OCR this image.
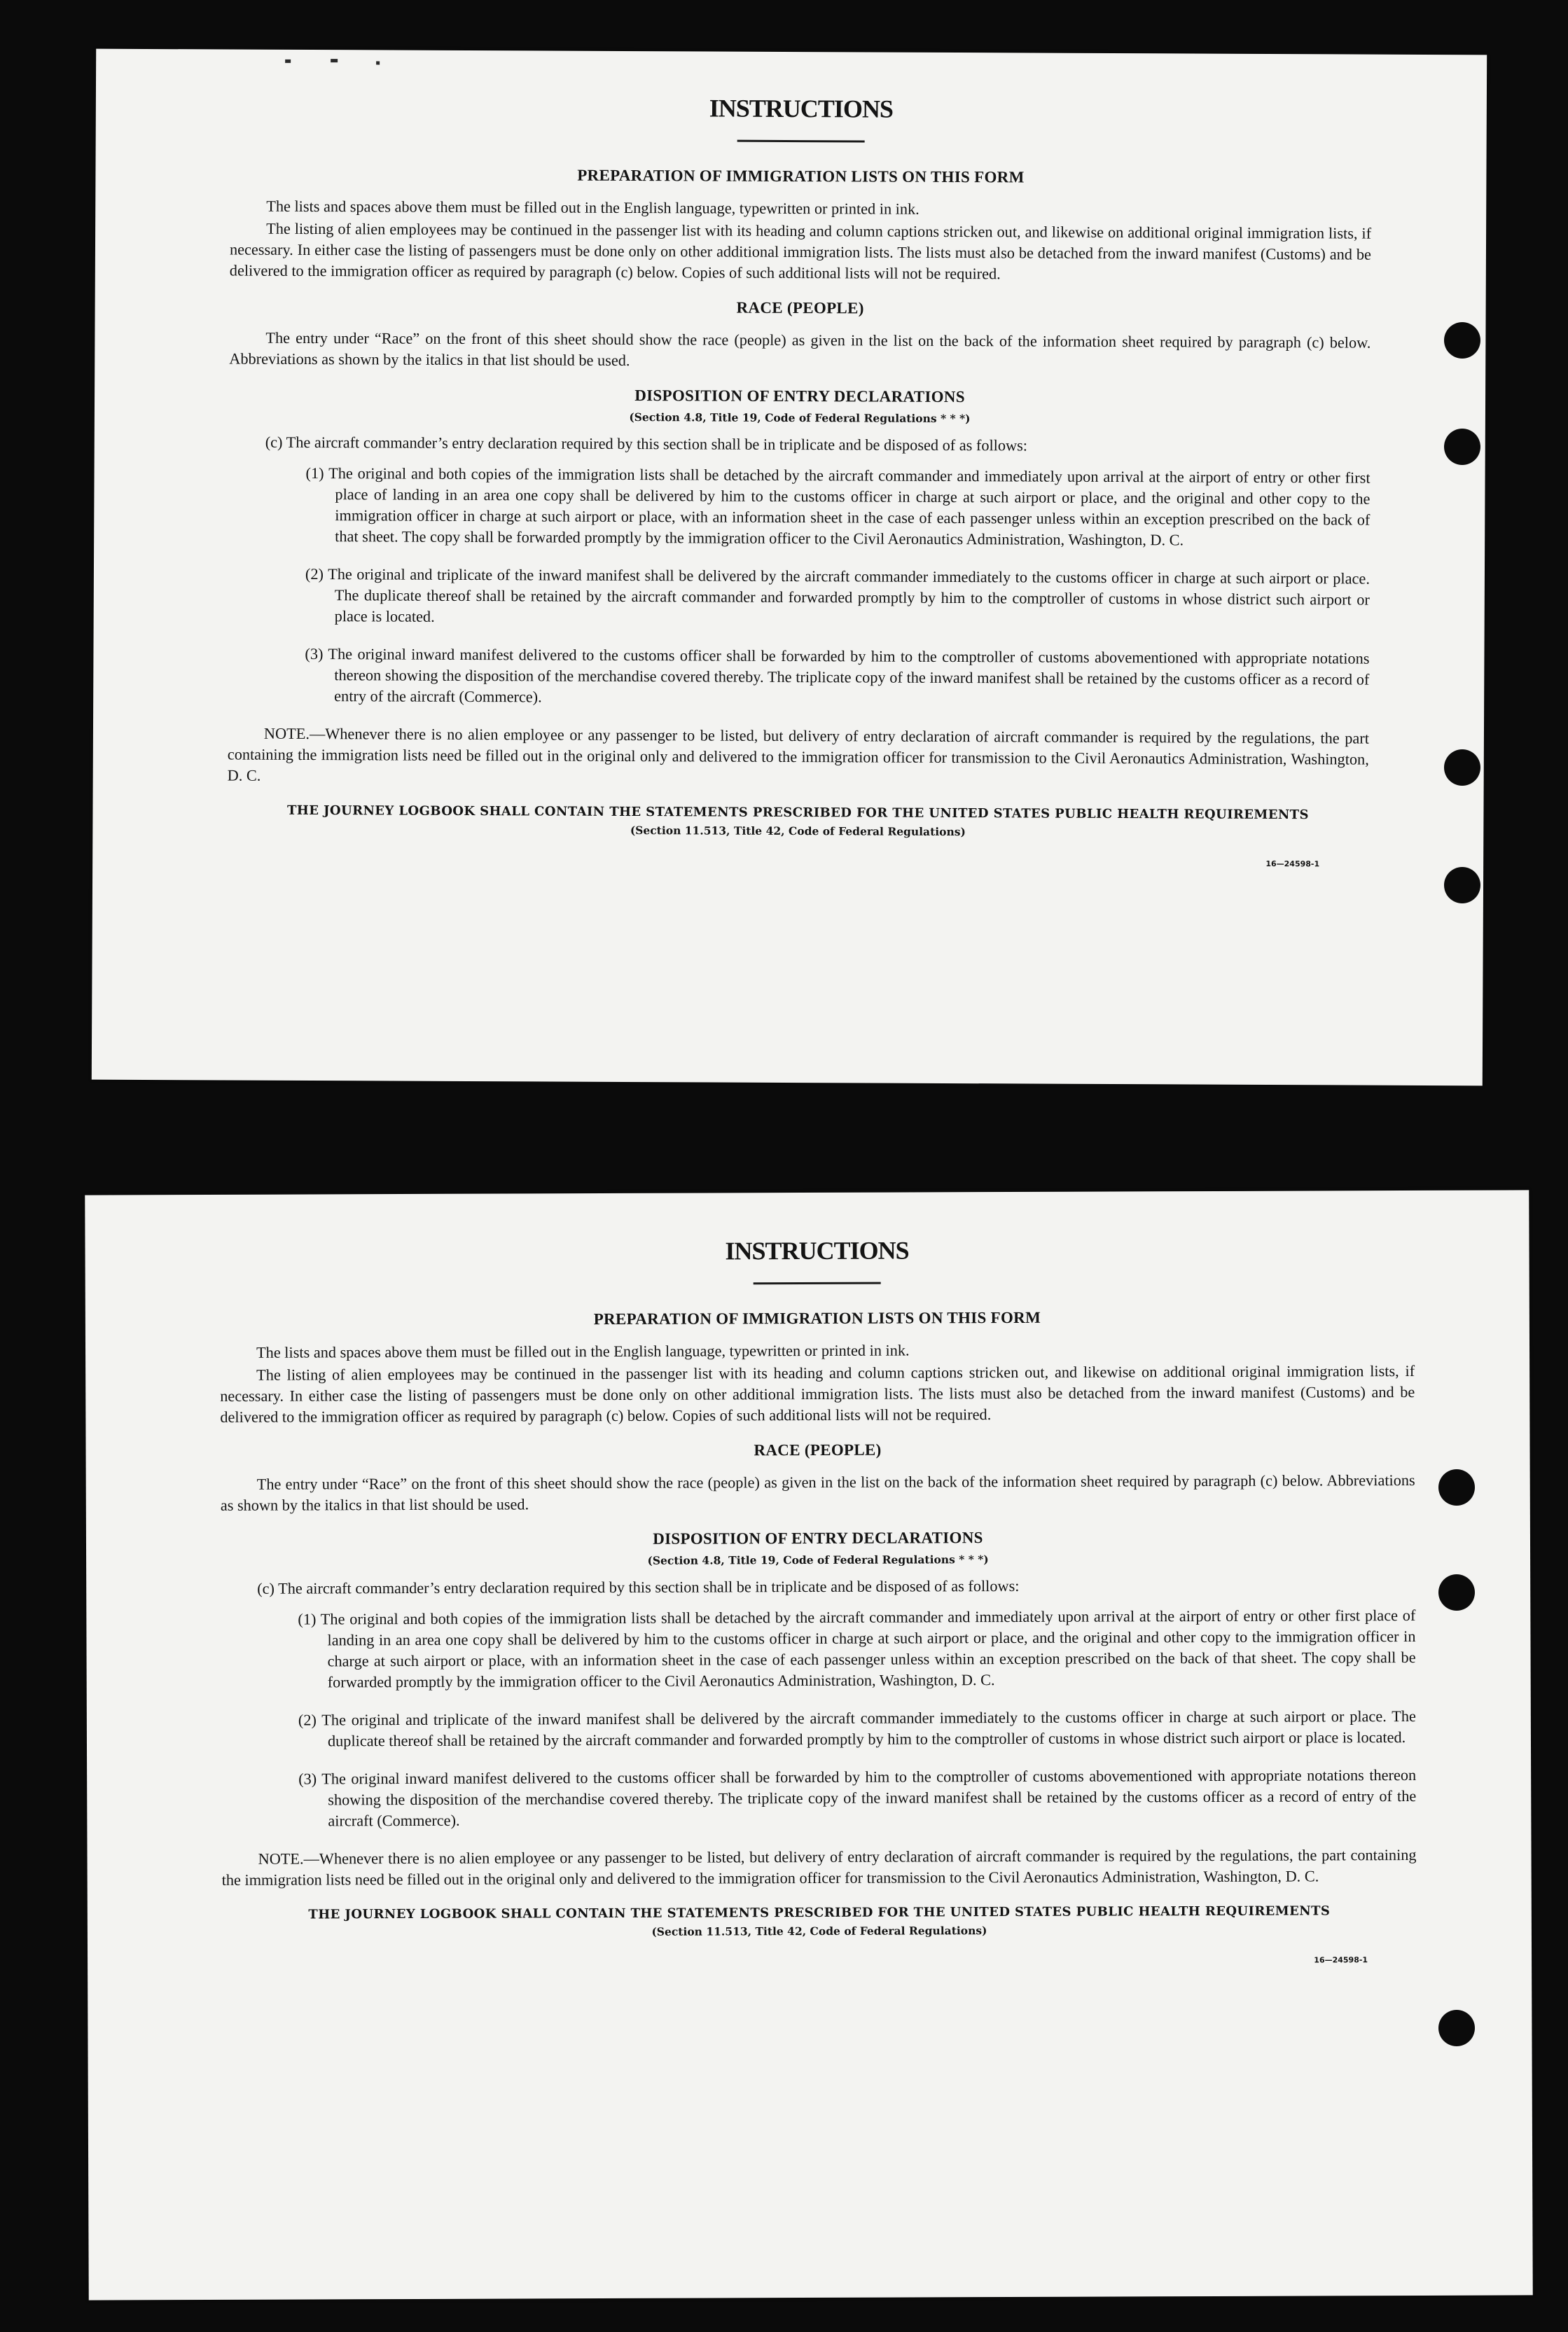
INSTRUCTIONS
PREPARATION OF IMMIGRATION LISTS ON THIS FORM

The lists and spaces above them must be filled out in the English language, typewritten or printed in ink.

The listing of alien employees may be continued in the passenger list with its heading and column captions stricken out, and likewise on additional original immigration lists, if necessary. In either case the listing of passengers must be done only on other additional immigration lists. The lists must also be detached from the inward manifest (Customs) and be delivered to the immigration officer as required by paragraph (c) below. Copies of such additional lists will not be required.

RACE (PEOPLE)

The entry under “Race” on the front of this sheet should show the race (people) as given in the list on the back of the information sheet required by paragraph (c) below. Abbreviations as shown by the italics in that list should be used.

DISPOSITION OF ENTRY DECLARATIONS
(Section 4.8, Title 19, Code of Federal Regulations * * *)

(c) The aircraft commander’s entry declaration required by this section shall be in triplicate and be disposed of as follows:

(1) The original and both copies of the immigration lists shall be detached by the aircraft commander and immediately upon arrival at the airport of entry or other first place of landing in an area one copy shall be delivered by him to the customs officer in charge at such airport or place, and the original and other copy to the immigration officer in charge at such airport or place, with an information sheet in the case of each passenger unless within an exception prescribed on the back of that sheet. The copy shall be forwarded promptly by the immigration officer to the Civil Aeronautics Administration, Washington, D. C.

(2) The original and triplicate of the inward manifest shall be delivered by the aircraft commander immediately to the customs officer in charge at such airport or place. The duplicate thereof shall be retained by the aircraft commander and forwarded promptly by him to the comptroller of customs in whose district such airport or place is located.

(3) The original inward manifest delivered to the customs officer shall be forwarded by him to the comptroller of customs abovementioned with appropriate notations thereon showing the disposition of the merchandise covered thereby. The triplicate copy of the inward manifest shall be retained by the customs officer as a record of entry of the aircraft (Commerce).

NOTE.—Whenever there is no alien employee or any passenger to be listed, but delivery of entry declaration of aircraft commander is required by the regulations, the part containing the immigration lists need be filled out in the original only and delivered to the immigration officer for transmission to the Civil Aeronautics Administration, Washington, D. C.

THE JOURNEY LOGBOOK SHALL CONTAIN THE STATEMENTS PRESCRIBED FOR THE UNITED STATES PUBLIC HEALTH REQUIREMENTS
(Section 11.513, Title 42, Code of Federal Regulations)
16—24598-1
INSTRUCTIONS
PREPARATION OF IMMIGRATION LISTS ON THIS FORM

The lists and spaces above them must be filled out in the English language, typewritten or printed in ink.

The listing of alien employees may be continued in the passenger list with its heading and column captions stricken out, and likewise on additional original immigration lists, if necessary. In either case the listing of passengers must be done only on other additional immigration lists. The lists must also be detached from the inward manifest (Customs) and be delivered to the immigration officer as required by paragraph (c) below. Copies of such additional lists will not be required.

RACE (PEOPLE)

The entry under “Race” on the front of this sheet should show the race (people) as given in the list on the back of the information sheet required by paragraph (c) below. Abbreviations as shown by the italics in that list should be used.

DISPOSITION OF ENTRY DECLARATIONS
(Section 4.8, Title 19, Code of Federal Regulations * * *)

(c) The aircraft commander’s entry declaration required by this section shall be in triplicate and be disposed of as follows:

(1) The original and both copies of the immigration lists shall be detached by the aircraft commander and immediately upon arrival at the airport of entry or other first place of landing in an area one copy shall be delivered by him to the customs officer in charge at such airport or place, and the original and other copy to the immigration officer in charge at such airport or place, with an information sheet in the case of each passenger unless within an exception prescribed on the back of that sheet. The copy shall be forwarded promptly by the immigration officer to the Civil Aeronautics Administration, Washington, D. C.

(2) The original and triplicate of the inward manifest shall be delivered by the aircraft commander immediately to the customs officer in charge at such airport or place. The duplicate thereof shall be retained by the aircraft commander and forwarded promptly by him to the comptroller of customs in whose district such airport or place is located.

(3) The original inward manifest delivered to the customs officer shall be forwarded by him to the comptroller of customs abovementioned with appropriate notations thereon showing the disposition of the merchandise covered thereby. The triplicate copy of the inward manifest shall be retained by the customs officer as a record of entry of the aircraft (Commerce).

NOTE.—Whenever there is no alien employee or any passenger to be listed, but delivery of entry declaration of aircraft commander is required by the regulations, the part containing the immigration lists need be filled out in the original only and delivered to the immigration officer for transmission to the Civil Aeronautics Administration, Washington, D. C.

THE JOURNEY LOGBOOK SHALL CONTAIN THE STATEMENTS PRESCRIBED FOR THE UNITED STATES PUBLIC HEALTH REQUIREMENTS
(Section 11.513, Title 42, Code of Federal Regulations)
16—24598-1
